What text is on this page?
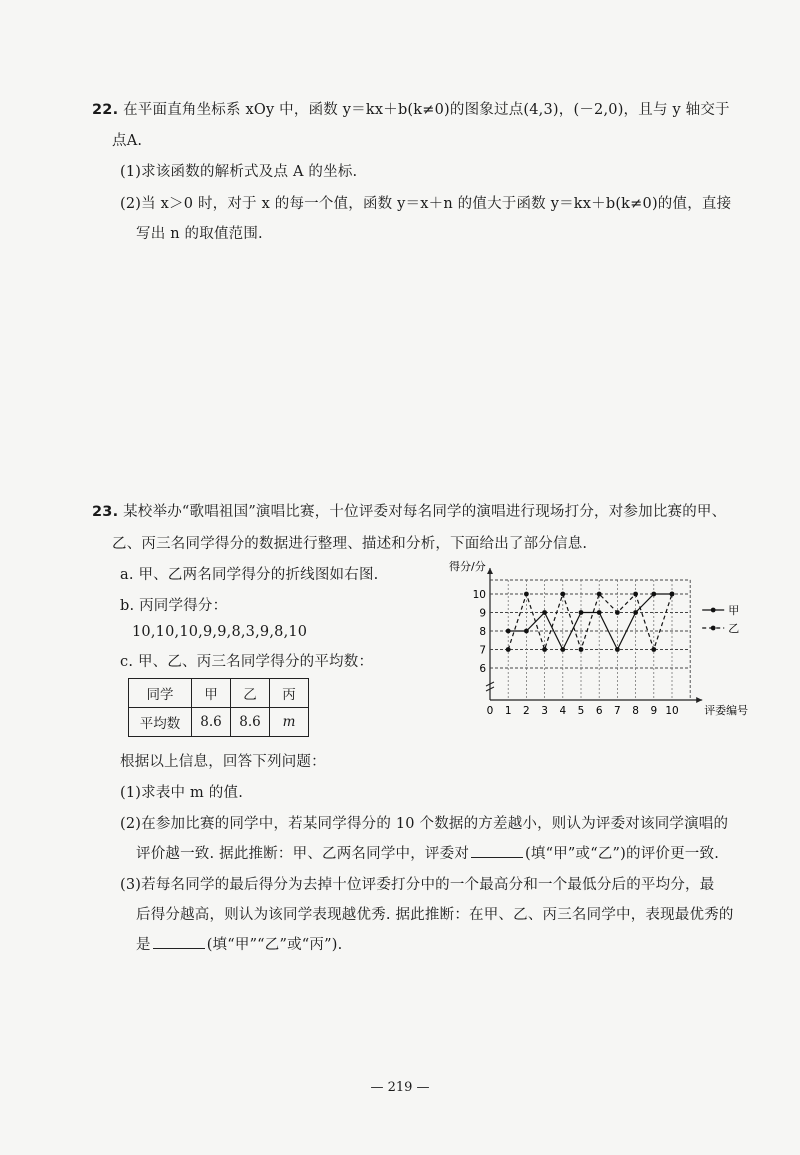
22. 在平面直角坐标系 xOy 中，函数 y＝kx＋b(k≠0)的图象过点(4,3)，(－2,0)，且与 y 轴交于
点A.
(1)求该函数的解析式及点 A 的坐标.
(2)当 x＞0 时，对于 x 的每一个值，函数 y＝x＋n 的值大于函数 y＝kx＋b(k≠0)的值，直接
写出 n 的取值范围.
23. 某校举办“歌唱祖国”演唱比赛，十位评委对每名同学的演唱进行现场打分，对参加比赛的甲、
乙、丙三名同学得分的数据进行整理、描述和分析，下面给出了部分信息.
a. 甲、乙两名同学得分的折线图如右图.
b. 丙同学得分：
10,10,10,9,9,8,3,9,8,10
c. 甲、乙、丙三名同学得分的平均数：
同学	甲	乙	丙
平均数	8.6	8.6	m
6
7
8
9
10
0 1 2 3 4 5 6 7 8 9 10
得分/分
评委编号
甲
乙
根据以上信息，回答下列问题：
(1)求表中 m 的值.
(2)在参加比赛的同学中，若某同学得分的 10 个数据的方差越小，则认为评委对该同学演唱的
评价越一致. 据此推断：甲、乙两名同学中，评委对	(填“甲”或“乙”)的评价更一致.
(3)若每名同学的最后得分为去掉十位评委打分中的一个最高分和一个最低分后的平均分，最
后得分越高，则认为该同学表现越优秀. 据此推断：在甲、乙、丙三名同学中，表现最优秀的
是	(填“甲”“乙”或“丙”).
— 219 —
